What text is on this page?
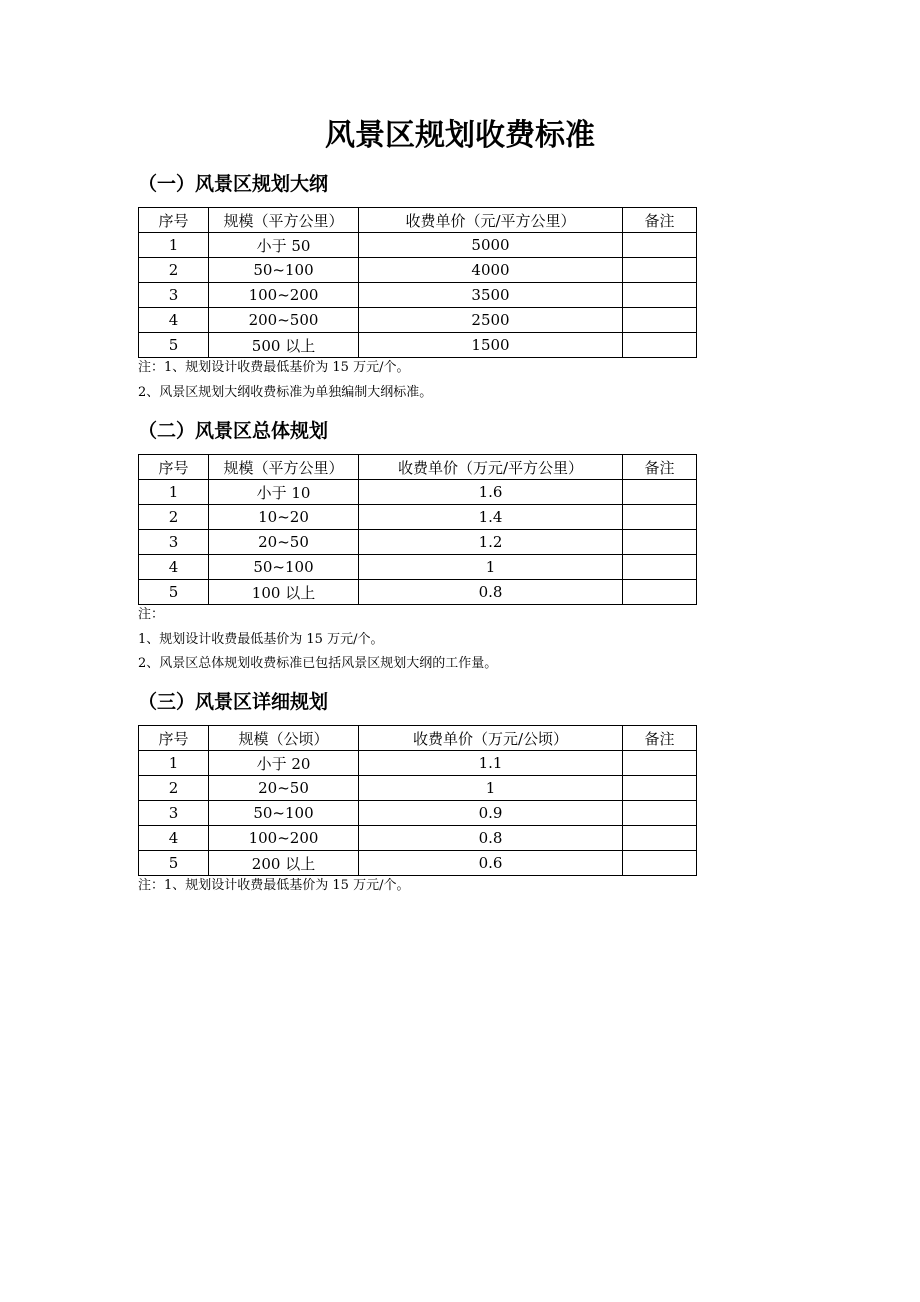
风景区规划收费标准
（一）风景区规划大纲
序号	规模（平方公里）	收费单价（元/平方公里）	备注
1	小于 50	5000	
2	50~100	4000	
3	100~200	3500	
4	200~500	2500	
5	500 以上	1500	

注：1、规划设计收费最低基价为 15 万元/个。

2、风景区规划大纲收费标准为单独编制大纲标准。

（二）风景区总体规划
序号	规模（平方公里）	收费单价（万元/平方公里）	备注
1	小于 10	1.6	
2	10~20	1.4	
3	20~50	1.2	
4	50~100	1	
5	100 以上	0.8	

注：

1、规划设计收费最低基价为 15 万元/个。

2、风景区总体规划收费标准已包括风景区规划大纲的工作量。

（三）风景区详细规划
序号	规模（公顷）	收费单价（万元/公顷）	备注
1	小于 20	1.1	
2	20~50	1	
3	50~100	0.9	
4	100~200	0.8	
5	200 以上	0.6	

注：1、规划设计收费最低基价为 15 万元/个。
